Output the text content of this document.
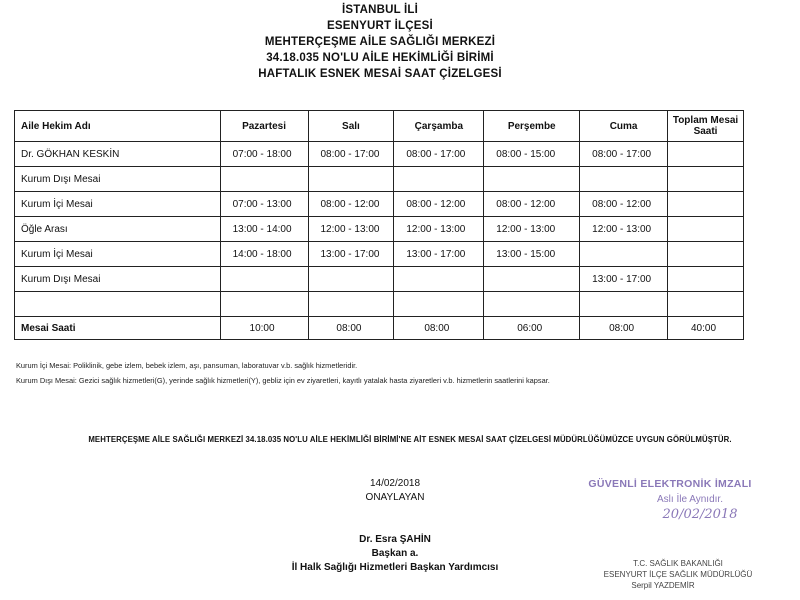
İSTANBUL İLİ
ESENYURT İLÇESİ
MEHTERÇEŞME AİLE SAĞLIĞI MERKEZİ
34.18.035 NO'LU AİLE HEKİMLİĞİ BİRİMİ
HAFTALIK ESNEK MESAİ SAAT ÇİZELGESİ
Aile Hekim Adı	Pazartesi	Salı	Çarşamba	Perşembe	Cuma	Toplam Mesai Saati
Dr. GÖKHAN KESKİN	07:00 - 18:00	08:00 - 17:00	08:00 - 17:00	08:00 - 15:00	08:00 - 17:00	
Kurum Dışı Mesai						
Kurum İçi Mesai	07:00 - 13:00	08:00 - 12:00	08:00 - 12:00	08:00 - 12:00	08:00 - 12:00	
Öğle Arası	13:00 - 14:00	12:00 - 13:00	12:00 - 13:00	12:00 - 13:00	12:00 - 13:00	
Kurum İçi Mesai	14:00 - 18:00	13:00 - 17:00	13:00 - 17:00	13:00 - 15:00		
Kurum Dışı Mesai					13:00 - 17:00	

Mesai Saati	10:00	08:00	08:00	06:00	08:00	40:00
Kurum İçi Mesai: Poliklinik, gebe izlem, bebek izlem, aşı, pansuman, laboratuvar v.b. sağlık hizmetleridir.
Kurum Dışı Mesai: Gezici sağlık hizmetleri(G), yerinde sağlık hizmetleri(Y), gebliz için ev ziyaretleri, kayıtlı yatalak hasta ziyaretleri v.b. hizmetlerin saatlerini kapsar.
MEHTERÇEŞME AİLE SAĞLIĞI MERKEZİ 34.18.035 NO'LU AİLE HEKİMLİĞİ BİRİMİ'NE AİT ESNEK MESAİ SAAT ÇİZELGESİ MÜDÜRLÜĞÜMÜZCE UYGUN GÖRÜLMÜŞTÜR.
14/02/2018
ONAYLAYAN
Dr. Esra ŞAHİN
Başkan a.
İl Halk Sağlığı Hizmetleri Başkan Yardımcısı
GÜVENLİ ELEKTRONİK İMZALI
Aslı İle Aynıdır.
20/02/2018
T.C. SAĞLIK BAKANLIĞI
ESENYURT İLÇE SAĞLIK MÜDÜRLÜĞÜ
Serpil YAZDEMİR
